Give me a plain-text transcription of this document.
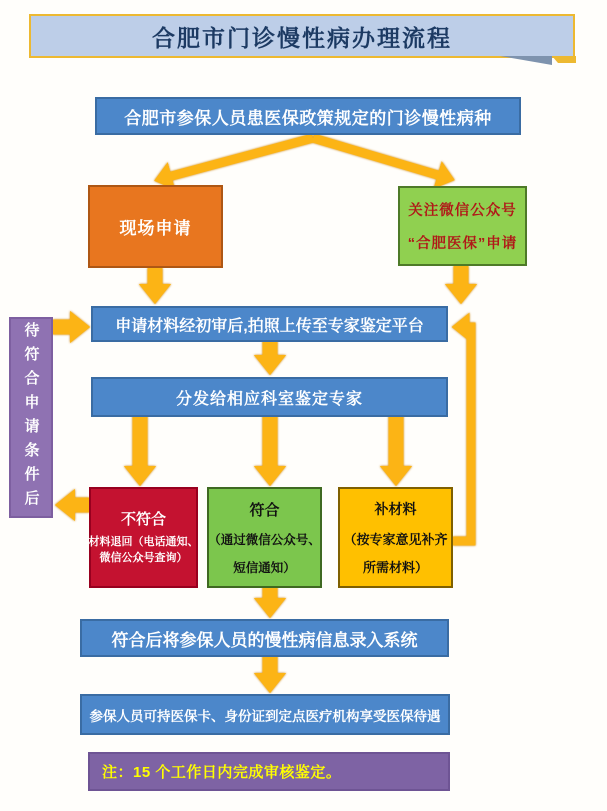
合肥市门诊慢性病办理流程
合肥市参保人员患医保政策规定的门诊慢性病种
现场申请
关注微信公众号
“合肥医保”申请
申请材料经初审后,拍照上传至专家鉴定平台
待符合申请条件后	分发给相应科室鉴定专家
不符合
材料退回（电话通知、
微信公众号查询）
符合
（通过微信公众号、
短信通知）
补材料
（按专家意见补齐
所需材料）
符合后将参保人员的慢性病信息录入系统
参保人员可持医保卡、身份证到定点医疗机构享受医保待遇
注：15 个工作日内完成审核鉴定。
